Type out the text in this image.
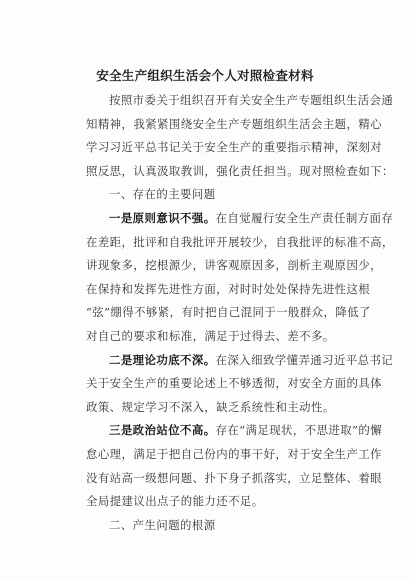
安全生产组织生活会个人对照检查材料
按照市委关于组织召开有关安全生产专题组织生活会通
知精神，我紧紧围绕安全生产专题组织生活会主题，精心
学习习近平总书记关于安全生产的重要指示精神，深刻对
照反思，认真汲取教训，强化责任担当。现对照检查如下：
一、存在的主要问题
一是原则意识不强。在自觉履行安全生产责任制方面存
在差距，批评和自我批评开展较少，自我批评的标准不高，
讲现象多，挖根源少，讲客观原因多，剖析主观原因少，
在保持和发挥先进性方面，对时时处处保持先进性这根
“弦”绷得不够紧，有时把自己混同于一般群众，降低了
对自己的要求和标准，满足于过得去、差不多。
二是理论功底不深。在深入细致学懂弄通习近平总书记
关于安全生产的重要论述上不够透彻，对安全方面的具体
政策、规定学习不深入，缺乏系统性和主动性。
三是政治站位不高。存在“满足现状，不思进取”的懈
怠心理，满足于把自己份内的事干好，对于安全生产工作
没有站高一级想问题、扑下身子抓落实，立足整体、着眼
全局提建议出点子的能力还不足。
二、产生问题的根源
